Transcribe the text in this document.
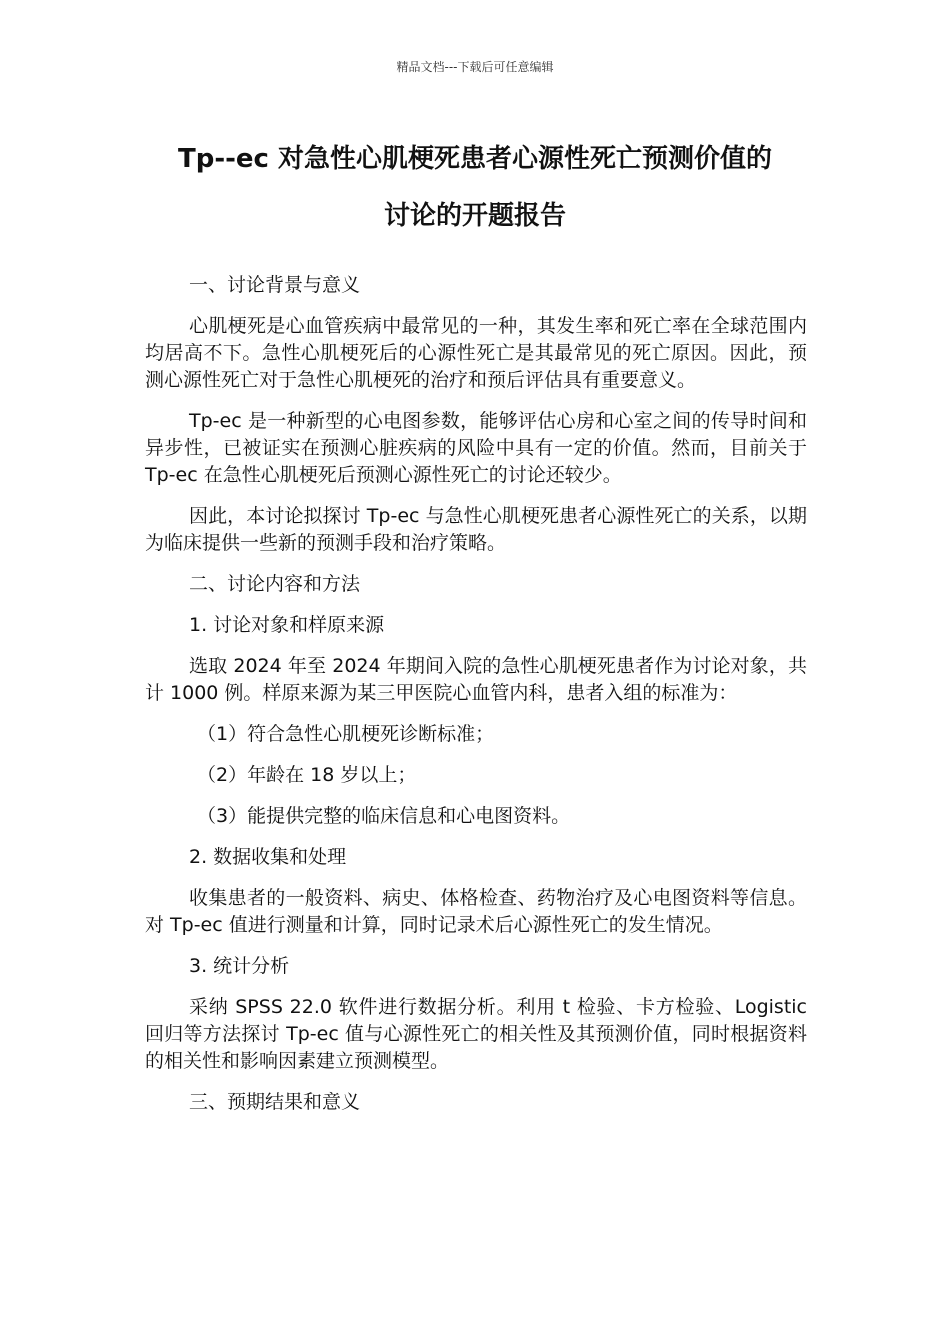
精品文档---下载后可任意编辑
Tp--ec 对急性心肌梗死患者心源性死亡预测价值的
讨论的开题报告
一、讨论背景与意义
心肌梗死是心血管疾病中最常见的一种，其发生率和死亡率在全球范围内均居高不下。急性心肌梗死后的心源性死亡是其最常见的死亡原因。因此，预测心源性死亡对于急性心肌梗死的治疗和预后评估具有重要意义。
Tp-ec 是一种新型的心电图参数，能够评估心房和心室之间的传导时间和异步性，已被证实在预测心脏疾病的风险中具有一定的价值。然而，目前关于 Tp-ec 在急性心肌梗死后预测心源性死亡的讨论还较少。
因此，本讨论拟探讨 Tp-ec 与急性心肌梗死患者心源性死亡的关系，以期为临床提供一些新的预测手段和治疗策略。
二、讨论内容和方法
1. 讨论对象和样原来源
选取 2024 年至 2024 年期间入院的急性心肌梗死患者作为讨论对象，共计 1000 例。样原来源为某三甲医院心血管内科，患者入组的标准为：
（1）符合急性心肌梗死诊断标准；
（2）年龄在 18 岁以上；
（3）能提供完整的临床信息和心电图资料。
2. 数据收集和处理
收集患者的一般资料、病史、体格检查、药物治疗及心电图资料等信息。对 Tp-ec 值进行测量和计算，同时记录术后心源性死亡的发生情况。
3. 统计分析
采纳 SPSS 22.0 软件进行数据分析。利用 t 检验、卡方检验、Logistic 回归等方法探讨 Tp-ec 值与心源性死亡的相关性及其预测价值，同时根据资料的相关性和影响因素建立预测模型。
三、预期结果和意义
